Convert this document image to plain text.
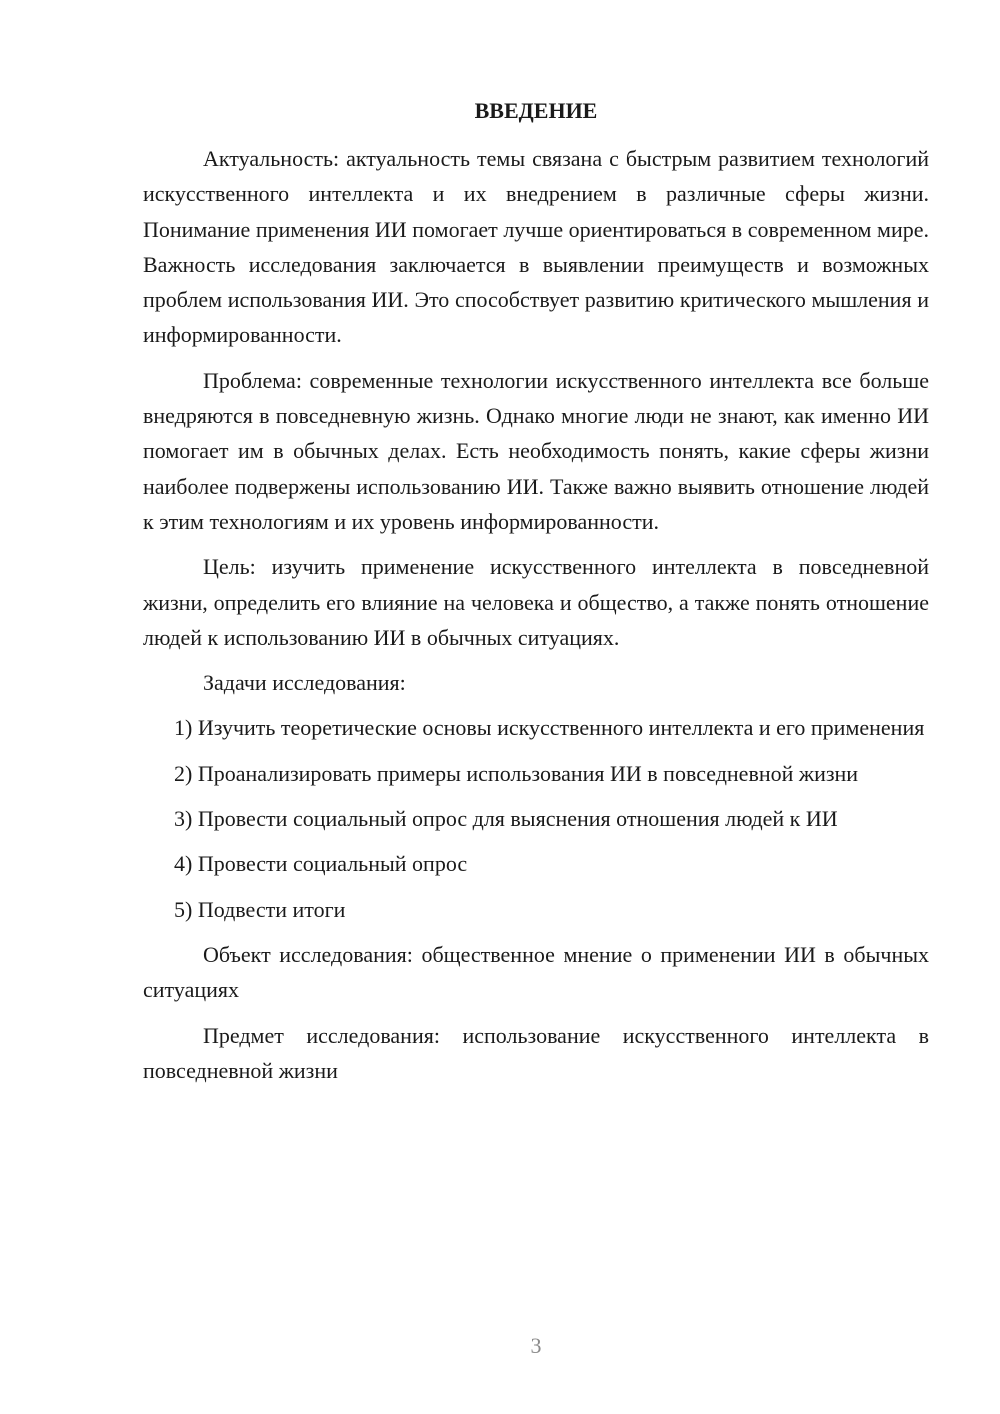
ВВЕДЕНИЕ

Актуальность: актуальность темы связана с быстрым развитием технологий искусственного интеллекта и их внедрением в различные сферы жизни. Понимание применения ИИ помогает лучше ориентироваться в современном мире. Важность исследования заключается в выявлении преимуществ и возможных проблем использования ИИ. Это способствует развитию критического мышления и информированности.

Проблема: современные технологии искусственного интеллекта все больше внедряются в повседневную жизнь. Однако многие люди не знают, как именно ИИ помогает им в обычных делах. Есть необходимость понять, какие сферы жизни наиболее подвержены использованию ИИ. Также важно выявить отношение людей к этим технологиям и их уровень информированности.

Цель: изучить применение искусственного интеллекта в повседневной жизни, определить его влияние на человека и общество, а также понять отношение людей к использованию ИИ в обычных ситуациях.

Задачи исследования:

1) Изучить теоретические основы искусственного интеллекта и его применения

2) Проанализировать примеры использования ИИ в повседневной жизни

3) Провести социальный опрос для выяснения отношения людей к ИИ

4) Провести социальный опрос

5) Подвести итоги

Объект исследования: общественное мнение о применении ИИ в обычных ситуациях

Предмет исследования: использование искусственного интеллекта в повседневной жизни

3
